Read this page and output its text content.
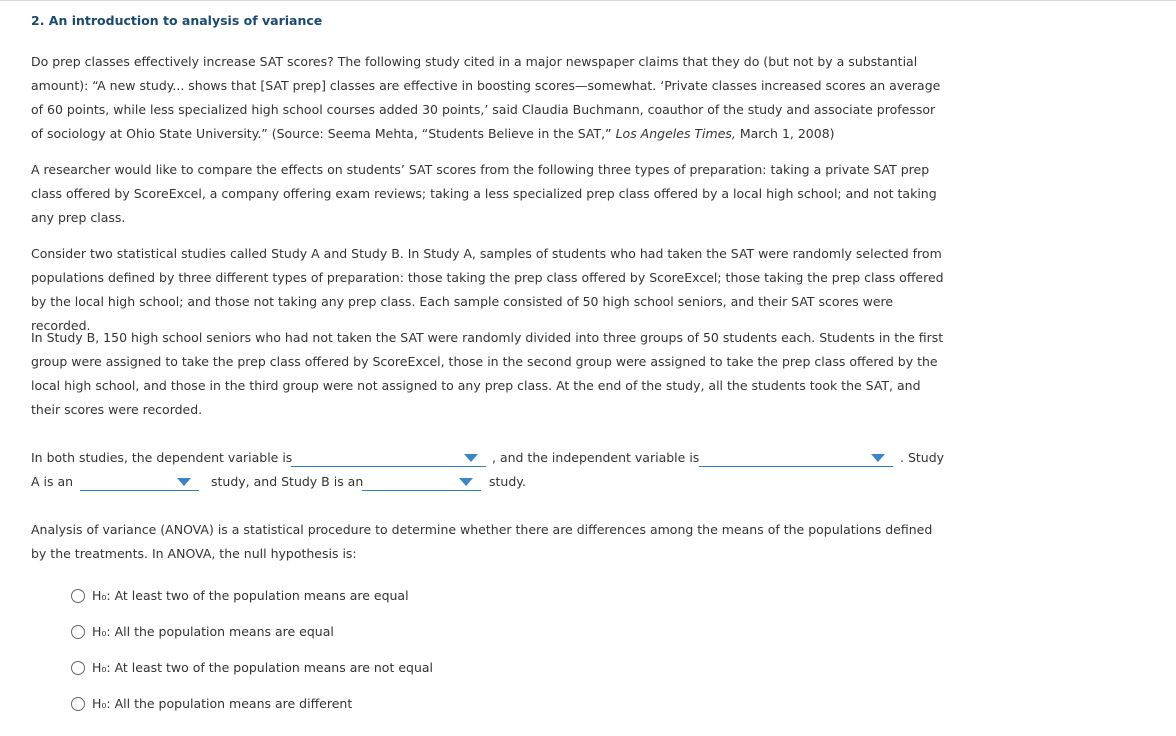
2. An introduction to analysis of variance

Do prep classes effectively increase SAT scores? The following study cited in a major newspaper claims that they do (but not by a substantial amount): “A new study... shows that [SAT prep] classes are effective in boosting scores—somewhat. ‘Private classes increased scores an average of 60 points, while less specialized high school courses added 30 points,’ said Claudia Buchmann, coauthor of the study and associate professor of sociology at Ohio State University.” (Source: Seema Mehta, “Students Believe in the SAT,” Los Angeles Times, March 1, 2008)

A researcher would like to compare the effects on students’ SAT scores from the following three types of preparation: taking a private SAT prep class offered by ScoreExcel, a company offering exam reviews; taking a less specialized prep class offered by a local high school; and not taking any prep class.

Consider two statistical studies called Study A and Study B. In Study A, samples of students who had taken the SAT were randomly selected from populations defined by three different types of preparation: those taking the prep class offered by ScoreExcel; those taking the prep class offered by the local high school; and those not taking any prep class. Each sample consisted of 50 high school seniors, and their SAT scores were recorded.

In Study B, 150 high school seniors who had not taken the SAT were randomly divided into three groups of 50 students each. Students in the first group were assigned to take the prep class offered by ScoreExcel, those in the second group were assigned to take the prep class offered by the local high school, and those in the third group were not assigned to any prep class. At the end of the study, all the students took the SAT, and their scores were recorded.

In both studies, the dependent variable is	, and the independent variable is	. Study
A is an	study, and Study B is an	study.

Analysis of variance (ANOVA) is a statistical procedure to determine whether there are differences among the means of the populations defined by the treatments. In ANOVA, the null hypothesis is:

H₀: At least two of the population means are equal
H₀: All the population means are equal
H₀: At least two of the population means are not equal
H₀: All the population means are different
